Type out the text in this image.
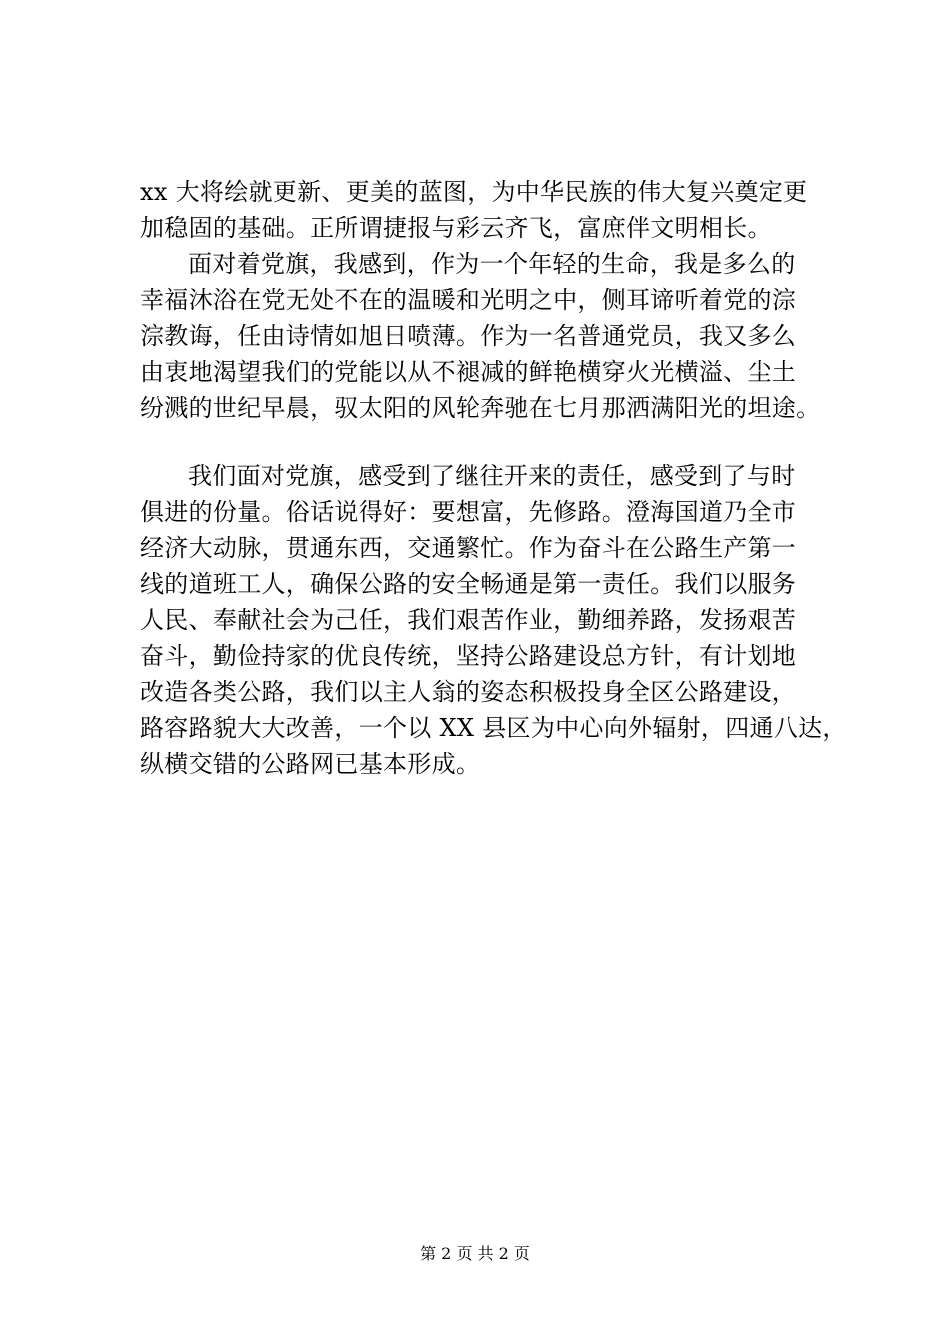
xx 大将绘就更新、更美的蓝图，为中华民族的伟大复兴奠定更
加稳固的基础。正所谓捷报与彩云齐飞，富庶伴文明相长。
面对着党旗，我感到，作为一个年轻的生命，我是多么的
幸福沐浴在党无处不在的温暖和光明之中，侧耳谛听着党的淙
淙教诲，任由诗情如旭日喷薄。作为一名普通党员，我又多么
由衷地渴望我们的党能以从不褪减的鲜艳横穿火光横溢、尘土
纷溅的世纪早晨，驭太阳的风轮奔驰在七月那洒满阳光的坦途。
我们面对党旗，感受到了继往开来的责任，感受到了与时
俱进的份量。俗话说得好：要想富，先修路。澄海国道乃全市
经济大动脉，贯通东西，交通繁忙。作为奋斗在公路生产第一
线的道班工人，确保公路的安全畅通是第一责任。我们以服务
人民、奉献社会为己任，我们艰苦作业，勤细养路，发扬艰苦
奋斗，勤俭持家的优良传统，坚持公路建设总方针，有计划地
改造各类公路，我们以主人翁的姿态积极投身全区公路建设，
路容路貌大大改善，一个以 XX 县区为中心向外辐射，四通八达，
纵横交错的公路网已基本形成。
第 2 页 共 2 页
